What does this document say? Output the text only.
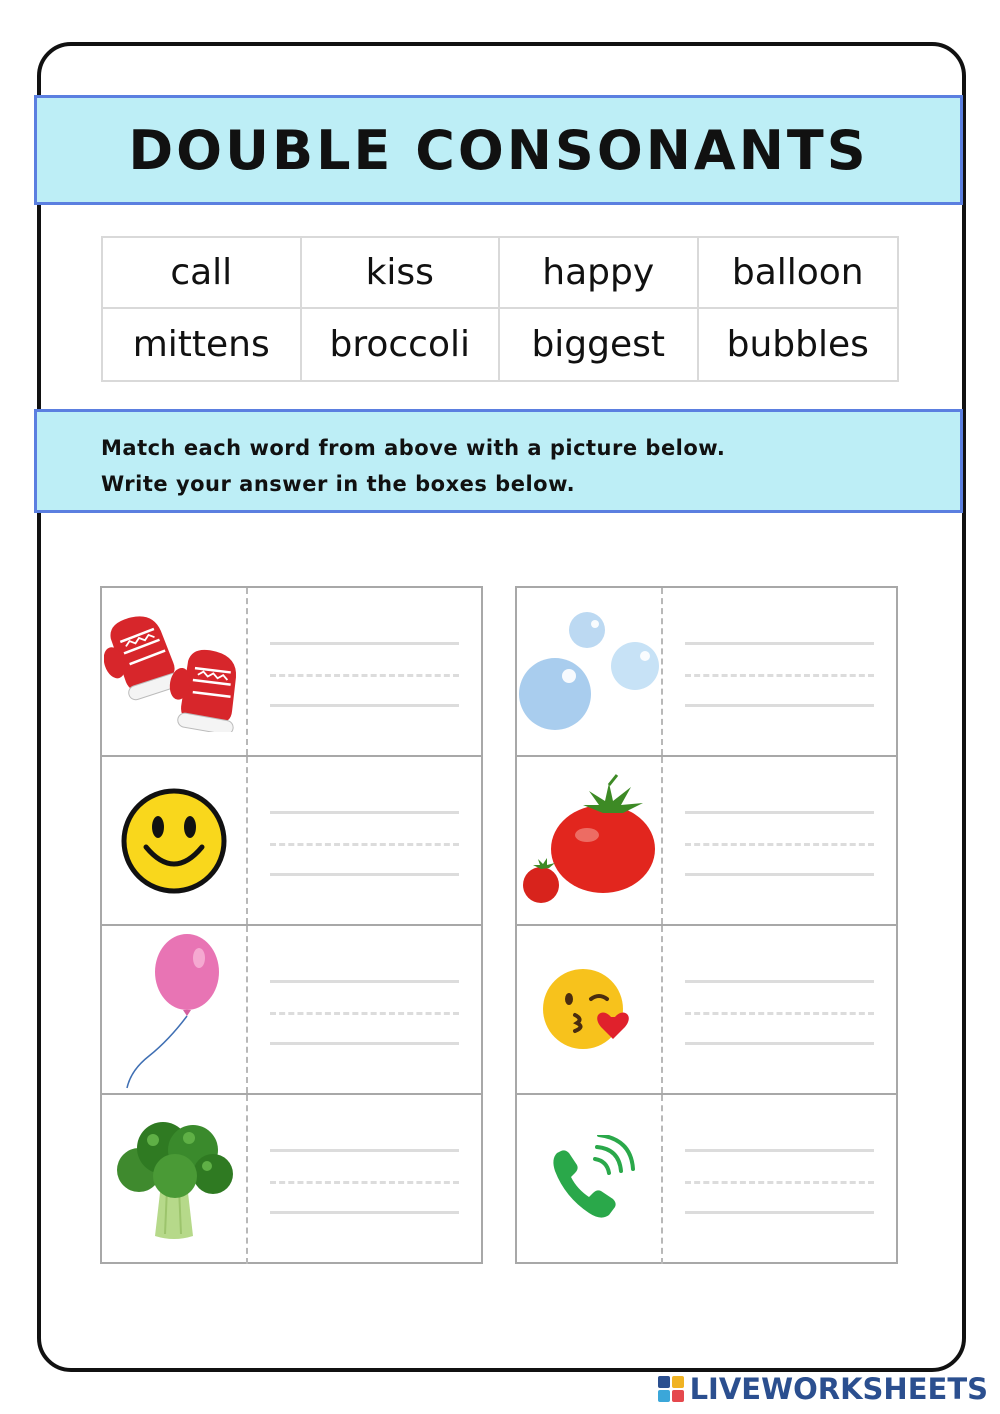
DOUBLE CONSONANTS
call	kiss	happy	balloon
mittens	broccoli	biggest	bubbles
Match each word from above with a picture below.
Write your answer in the boxes below.
LIVEWORKSHEETS
